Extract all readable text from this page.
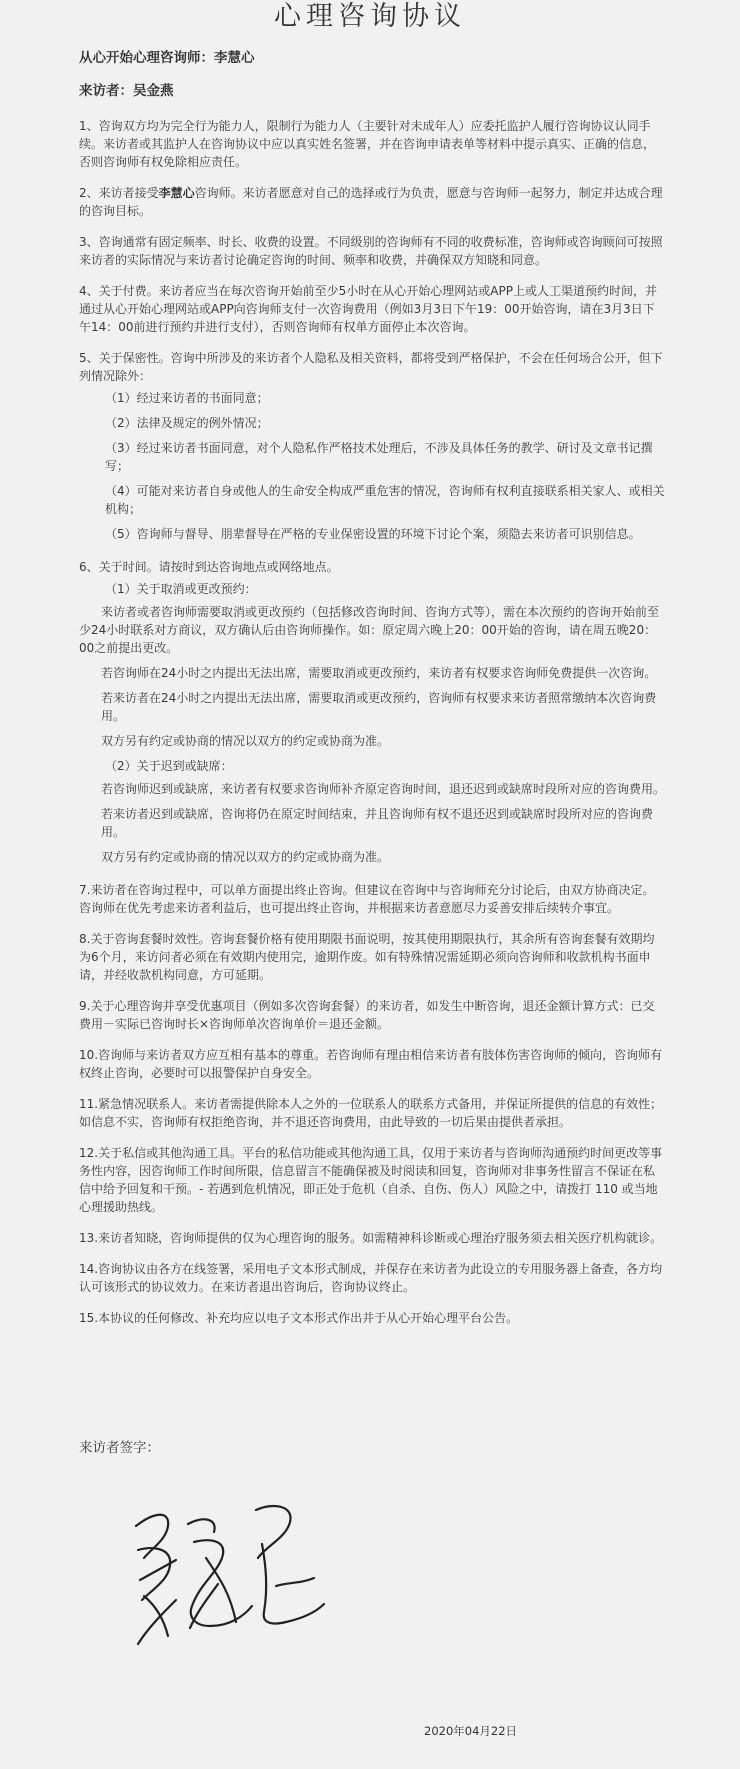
心理咨询协议

从心开始心理咨询师：李慧心

来访者：吴金燕

1、咨询双方均为完全行为能力人，限制行为能力人（主要针对未成年人）应委托监护人履行咨询协议认同手续。来访者或其监护人在咨询协议中应以真实姓名签署，并在咨询申请表单等材料中提示真实、正确的信息，否则咨询师有权免除相应责任。

2、来访者接受李慧心咨询师。来访者愿意对自己的选择或行为负责，愿意与咨询师一起努力，制定并达成合理的咨询目标。

3、咨询通常有固定频率、时长、收费的设置。不同级别的咨询师有不同的收费标准，咨询师或咨询顾问可按照来访者的实际情况与来访者讨论确定咨询的时间、频率和收费，并确保双方知晓和同意。

4、关于付费。来访者应当在每次咨询开始前至少5小时在从心开始心理网站或APP上或人工渠道预约时间，并通过从心开始心理网站或APP向咨询师支付一次咨询费用（例如3月3日下午19：00开始咨询，请在3月3日下午14：00前进行预约并进行支付），否则咨询师有权单方面停止本次咨询。

5、关于保密性。咨询中所涉及的来访者个人隐私及相关资料，都将受到严格保护，不会在任何场合公开，但下列情况除外：

（1）经过来访者的书面同意；

（2）法律及规定的例外情况；

（3）经过来访者书面同意，对个人隐私作严格技术处理后，不涉及具体任务的教学、研讨及文章书记撰写；

（4）可能对来访者自身或他人的生命安全构成严重危害的情况，咨询师有权利直接联系相关家人、或相关机构；

（5）咨询师与督导、朋辈督导在严格的专业保密设置的环境下讨论个案，须隐去来访者可识别信息。

6、关于时间。请按时到达咨询地点或网络地点。

（1）关于取消或更改预约：

来访者或者咨询师需要取消或更改预约（包括修改咨询时间、咨询方式等），需在本次预约的咨询开始前至少24小时联系对方商议，双方确认后由咨询师操作。如：原定周六晚上20：00开始的咨询，请在周五晚20：00之前提出更改。

若咨询师在24小时之内提出无法出席，需要取消或更改预约，来访者有权要求咨询师免费提供一次咨询。

若来访者在24小时之内提出无法出席，需要取消或更改预约，咨询师有权要求来访者照常缴纳本次咨询费用。

双方另有约定或协商的情况以双方的约定或协商为准。

（2）关于迟到或缺席：

若咨询师迟到或缺席，来访者有权要求咨询师补齐原定咨询时间，退还迟到或缺席时段所对应的咨询费用。

若来访者迟到或缺席，咨询将仍在原定时间结束，并且咨询师有权不退还迟到或缺席时段所对应的咨询费用。

双方另有约定或协商的情况以双方的约定或协商为准。

7.来访者在咨询过程中，可以单方面提出终止咨询。但建议在咨询中与咨询师充分讨论后，由双方协商决定。咨询师在优先考虑来访者利益后，也可提出终止咨询，并根据来访者意愿尽力妥善安排后续转介事宜。

8.关于咨询套餐时效性。咨询套餐价格有使用期限书面说明，按其使用期限执行，其余所有咨询套餐有效期均为6个月，来访问者必须在有效期内使用完，逾期作废。如有特殊情况需延期必须向咨询师和收款机构书面申请，并经收款机构同意，方可延期。

9.关于心理咨询并享受优惠项目（例如多次咨询套餐）的来访者，如发生中断咨询，退还金额计算方式：已交费用－实际已咨询时长×咨询师单次咨询单价＝退还金额。

10.咨询师与来访者双方应互相有基本的尊重。若咨询师有理由相信来访者有肢体伤害咨询师的倾向，咨询师有权终止咨询，必要时可以报警保护自身安全。

11.紧急情况联系人。来访者需提供除本人之外的一位联系人的联系方式备用，并保证所提供的信息的有效性；如信息不实，咨询师有权拒绝咨询，并不退还咨询费用，由此导致的一切后果由提供者承担。

12.关于私信或其他沟通工具。平台的私信功能或其他沟通工具，仅用于来访者与咨询师沟通预约时间更改等事务性内容，因咨询师工作时间所限，信息留言不能确保被及时阅读和回复，咨询师对非事务性留言不保证在私信中给予回复和干预。- 若遇到危机情况，即正处于危机（自杀、自伤、伤人）风险之中，请拨打 110 或当地心理援助热线。

13.来访者知晓，咨询师提供的仅为心理咨询的服务。如需精神科诊断或心理治疗服务须去相关医疗机构就诊。

14.咨询协议由各方在线签署，采用电子文本形式制成，并保存在来访者为此设立的专用服务器上备查，各方均认可该形式的协议效力。在来访者退出咨询后，咨询协议终止。

15.本协议的任何修改、补充均应以电子文本形式作出并于从心开始心理平台公告。

来访者签字：
2020年04月22日
